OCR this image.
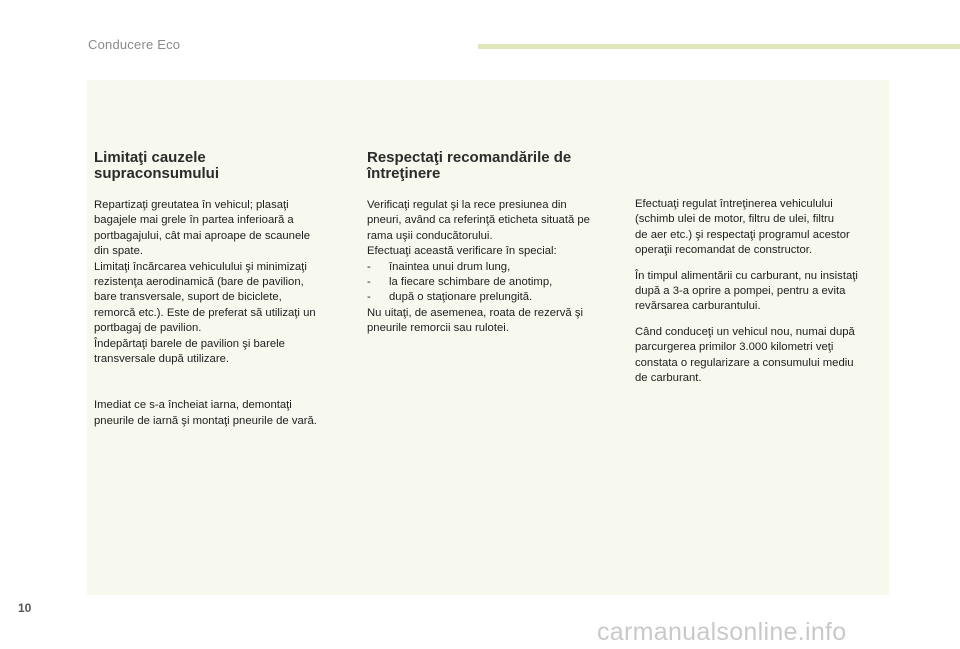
Conducere Eco
Limitaţi cauzele
supraconsumului

Repartizaţi greutatea în vehicul; plasaţi
bagajele mai grele în partea inferioară a
portbagajului, cât mai aproape de scaunele
din spate.
Limitaţi încărcarea vehiculului şi minimizaţi
rezistenţa aerodinamică (bare de pavilion,
bare transversale, suport de biciclete,
remorcă etc.). Este de preferat să utilizaţi un
portbagaj de pavilion.
Îndepărtaţi barele de pavilion şi barele
transversale după utilizare.

Imediat ce s-a încheiat iarna, demontaţi
pneurile de iarnă şi montaţi pneurile de vară.

Respectaţi recomandările de
întreţinere

Verificaţi regulat şi la rece presiunea din
pneuri, având ca referinţă eticheta situată pe
rama uşii conducătorului.
Efectuaţi această verificare în special:
- înaintea unui drum lung,
- la fiecare schimbare de anotimp,
- după o staţionare prelungită.
Nu uitaţi, de asemenea, roata de rezervă şi
pneurile remorcii sau rulotei.

Efectuaţi regulat întreţinerea vehiculului
(schimb ulei de motor, filtru de ulei, filtru
de aer etc.) şi respectaţi programul acestor
operaţii recomandat de constructor.

În timpul alimentării cu carburant, nu insistaţi
după a 3-a oprire a pompei, pentru a evita
revărsarea carburantului.

Când conduceţi un vehicul nou, numai după
parcurgerea primilor 3.000 kilometri veţi
constata o regularizare a consumului mediu
de carburant.

10
carmanualsonline.info
